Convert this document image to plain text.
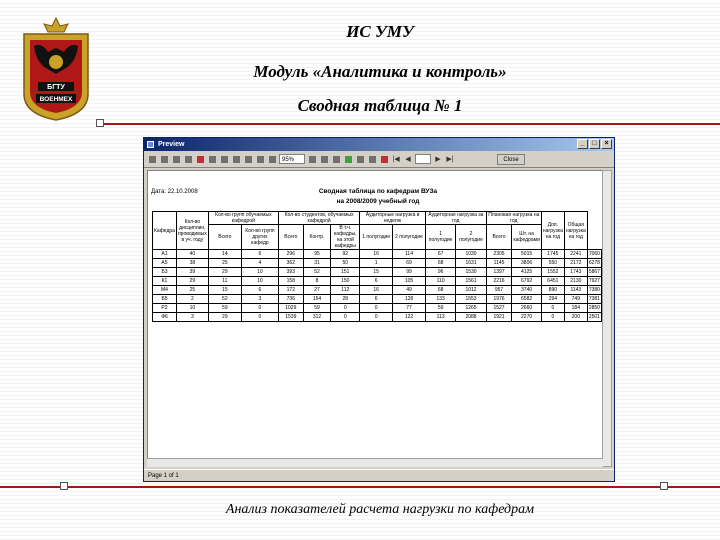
БГТУ
ВОЕНМЕХ
ИС УМУ
Модуль «Аналитика и контроль»
Сводная таблица № 1
Preview	_	□	×
95%	|◀ ◀	▶ ▶|	Close
Дата: 22.10.2008	Сводная таблица по кафедрам ВУЗа
на 2008/2009 учебный год
Кафедра	Кол-во дисциплин, проводимых в уч. году	Кол-во групп обучаемых кафедрой		Кол-во студентов, обучаемых кафедрой			Аудиторные нагрузка в неделю		Аудиторная нагрузка за год		Плановая нагрузка на год		Доп. нагрузка на год	Общая нагрузка на год	
		Всего	Кол-во групп других кафедр	Всего	Контр.	В т.ч. кафедры, на этой кафедры	1 полугодие	2 полугодие	1 полугодие	2 полугодие	Всего	Шт. на кафедрами			

А1	40	14	6	296	95	92	16	114	67	1030	2305	5015	1745	2241	7060
А5	38	25	4	362	31	50	1	69	68	1631	1145	3806	550	2172	6278
Б3	39	29	10	393	52	151	15	99	96	1530	1397	4125	1552	1743	5867
К1	29	11	10	158	8	150	6	105	110	1561	2216	6792	6451	2130	7927
М4	25	15	6	172	27	112	16	49	68	1012	957	3740	890	1143	7380
Б5	2	52	3	736	154	28	6	128	133	1553	1976	6582	294	749	7381
Р2	10	59	0	1029	59	0	0	77	59	1265	1527	2660	0	184	2850
Ф6	3	29	0	1539	312	0	0	122	113	2088	1921	2270	0	200	2501
Page 1 of 1
Анализ показателей расчета нагрузки по кафедрам
